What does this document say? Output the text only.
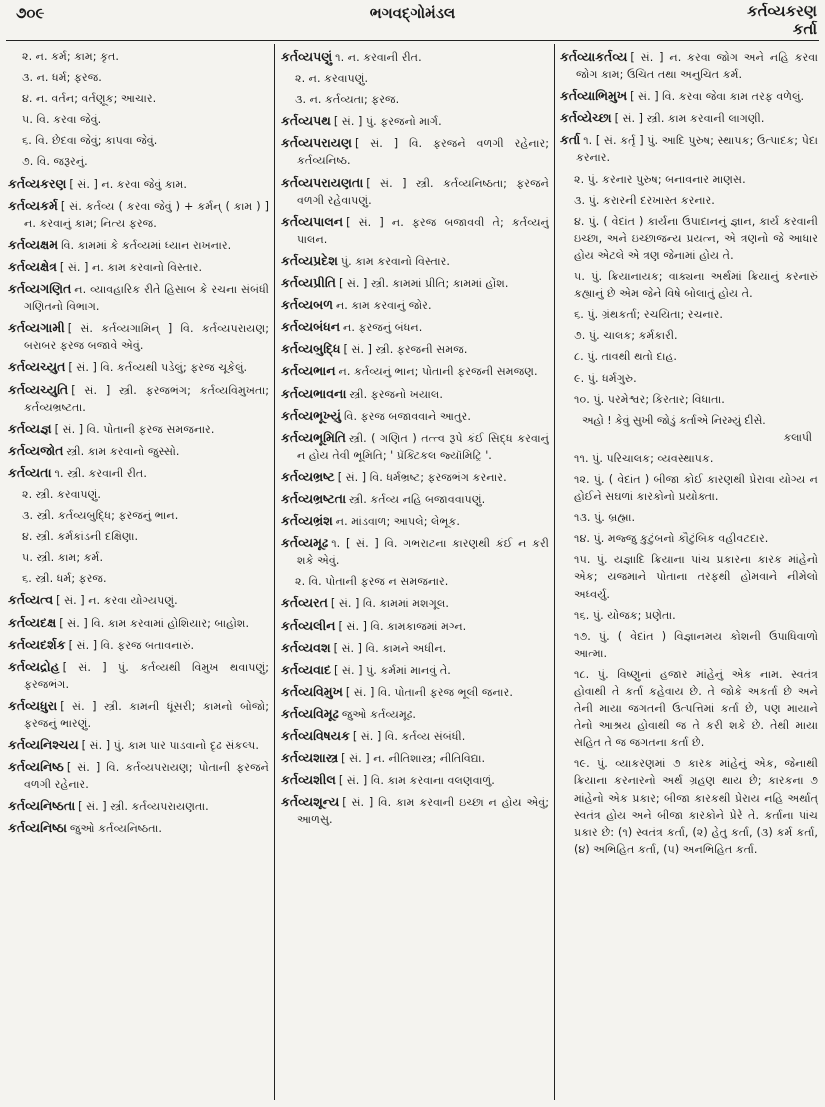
૭૦૯	ભગવદ્ગોમંડલ	કર્તવ્યકરણ
કર્તા
૨. ન. કર્મ; કામ; કૃત.
૩. ન. ધર્મ; ફરજ.
૪. ન. વર્તન; વર્તણૂક; આચાર.
૫. વિ. કરવા જેવું.
૬. વિ. છેદવા જેવું; કાપવા જેવું.
૭. વિ. જરૂરનું.
કર્તવ્યકરણ [ સં. ] ન. કરવા જેવું કામ.
કર્તવ્યકર્મ [ સં. કર્તવ્ય ( કરવા જેવું ) + કર્મન્ ( કામ ) ] ન. કરવાનું કામ; નિત્ય ફરજ.
કર્તવ્યક્ષમ વિ. કામમાં કે કર્તવ્યમાં ધ્યાન રાખનાર.
કર્તવ્યક્ષેત્ર [ સં. ] ન. કામ કરવાનો વિસ્તાર.
કર્તવ્યગણિત ન. વ્યાવહારિક રીતે હિસાબ કે રચના સંબંધી ગણિતનો વિભાગ.
કર્તવ્યગામી [ સં. કર્તવ્યગામિન્ ] વિ. કર્તવ્યપરાયણ; બરાબર ફરજ બજાવે એવું.
કર્તવ્યચ્યુત [ સં. ] વિ. કર્તવ્યથી પડેલું; ફરજ ચૂકેલું.
કર્તવ્યચ્યુતિ [ સં. ] સ્ત્રી. ફરજભંગ; કર્તવ્યવિમુખતા; કર્તવ્યભ્રષ્ટતા.
કર્તવ્યજ્ઞ [ સં. ] વિ. પોતાની ફરજ સમજનાર.
કર્તવ્યજોત સ્ત્રી. કામ કરવાનો જુસ્સો.
કર્તવ્યતા ૧. સ્ત્રી. કરવાની રીત.
૨. સ્ત્રી. કરવાપણું.
૩. સ્ત્રી. કર્તવ્યબુદ્ધિ; ફરજનું ભાન.
૪. સ્ત્રી. કર્મકાંડની દક્ષિણા.
૫. સ્ત્રી. કામ; કર્મ.
૬. સ્ત્રી. ધર્મ; ફરજ.
કર્તવ્યત્વ [ સં. ] ન. કરવા યોગ્યપણું.
કર્તવ્યદક્ષ [ સં. ] વિ. કામ કરવામાં હોશિયાર; બાહોશ.
કર્તવ્યદર્શક [ સં. ] વિ. ફરજ બતાવનારું.
કર્તવ્યદ્રોહ [ સં. ] પું. કર્તવ્યથી વિમુખ થવાપણું; ફરજભંગ.
કર્તવ્યધુરા [ સં. ] સ્ત્રી. કામની ધૂંસરી; કામનો બોજો; ફરજનું ભારણું.
કર્તવ્યનિશ્ચય [ સં. ] પું. કામ પાર પાડવાનો દૃઢ સંકલ્પ.
કર્તવ્યનિષ્ઠ [ સં. ] વિ. કર્તવ્યપરાયણ; પોતાની ફરજને વળગી રહેનાર.
કર્તવ્યનિષ્ઠતા [ સં. ] સ્ત્રી. કર્તવ્યપરાયણતા.
કર્તવ્યનિષ્ઠા જુઓ કર્તવ્યનિષ્ઠતા.
કર્તવ્યપણું ૧. ન. કરવાની રીત.
૨. ન. કરવાપણું.
૩. ન. કર્તવ્યતા; ફરજ.
કર્તવ્યપથ [ સં. ] પું. ફરજનો માર્ગ.
કર્તવ્યપરાયણ [ સં. ] વિ. ફરજને વળગી રહેનાર; કર્તવ્યનિષ્ઠ.
કર્તવ્યપરાયણતા [ સં. ] સ્ત્રી. કર્તવ્યનિષ્ઠતા; ફરજને વળગી રહેવાપણું.
કર્તવ્યપાલન [ સં. ] ન. ફરજ બજાવવી તે; કર્તવ્યનું પાલન.
કર્તવ્યપ્રદેશ પું. કામ કરવાનો વિસ્તાર.
કર્તવ્યપ્રીતિ [ સં. ] સ્ત્રી. કામમાં પ્રીતિ; કામમાં હોંશ.
કર્તવ્યબળ ન. કામ કરવાનું જોર.
કર્તવ્યબંધન ન. ફરજનું બંધન.
કર્તવ્યબુદ્ધિ [ સં. ] સ્ત્રી. ફરજની સમજ.
કર્તવ્યભાન ન. કર્તવ્યનું ભાન; પોતાની ફરજની સમજણ.
કર્તવ્યભાવના સ્ત્રી. ફરજનો ખયાલ.
કર્તવ્યભૂખ્યું વિ. ફરજ બજાવવાને આતુર.
કર્તવ્યભૂમિતિ સ્ત્રી. ( ગણિત ) તત્ત્વ રૂપે કંઈ સિદ્ધ કરવાનું ન હોય તેવી ભૂમિતિ; ' પ્રૅક્ટિકલ જ્યૉમિટ્રિ '.
કર્તવ્યભ્રષ્ટ [ સં. ] વિ. ધર્મભ્રષ્ટ; ફરજભંગ કરનાર.
કર્તવ્યભ્રષ્ટતા સ્ત્રી. કર્તવ્ય નહિ બજાવવાપણું.
કર્તવ્યભ્રંશ ન. માંડવાળ; આપલે; લેભૂક.
કર્તવ્યમૂઢ ૧. [ સં. ] વિ. ગભરાટના કારણથી કંઈ ન કરી શકે એવું.
૨. વિ. પોતાની ફરજ ન સમજનાર.
કર્તવ્યરત [ સં. ] વિ. કામમાં મશગૂલ.
કર્તવ્યલીન [ સં. ] વિ. કામકાજમાં મગ્ન.
કર્તવ્યવશ [ સં. ] વિ. કામને અધીન.
કર્તવ્યવાદ [ સં. ] પું. કર્મમાં માનવું તે.
કર્તવ્યવિમુખ [ સં. ] વિ. પોતાની ફરજ ભૂલી જનાર.
કર્તવ્યવિમૂઢ જુઓ કર્તવ્યમૂઢ.
કર્તવ્યવિષયક [ સં. ] વિ. કર્તવ્ય સંબંધી.
કર્તવ્યશાસ્ત્ર [ સં. ] ન. નીતિશાસ્ત્ર; નીતિવિદ્યા.
કર્તવ્યશીલ [ સં. ] વિ. કામ કરવાના વલણવાળું.
કર્તવ્યશૂન્ય [ સં. ] વિ. કામ કરવાની ઇચ્છા ન હોય એવું; આળસુ.
કર્તવ્યાકર્તવ્ય [ સં. ] ન. કરવા જોગ અને નહિ કરવા જોગ કામ; ઉચિત તથા અનુચિત કર્મ.
કર્તવ્યાભિમુખ [ સં. ] વિ. કરવા જેવા કામ તરફ વળેલું.
કર્તવ્યેચ્છા [ સં. ] સ્ત્રી. કામ કરવાની લાગણી.
કર્તા ૧. [ સં. કર્તૃ ] પું. આદિ પુરુષ; સ્થાપક; ઉત્પાદક; પેદા કરનાર.
૨. પું. કરનાર પુરુષ; બનાવનાર માણસ.
૩. પું. કરારની દરખાસ્ત કરનાર.
૪. પું. ( વેદાંત ) કાર્યના ઉપાદાનનું જ્ઞાન, કાર્ય કરવાની ઇચ્છા, અને ઇચ્છાજન્ય પ્રયત્ન, એ ત્રણનો જે આધાર હોય એટલે એ ત્રણ જેનામાં હોય તે.
૫. પું. ક્રિયાનાયક; વાક્યના અર્થમાં ક્રિયાનું કરનારું કહ્યાનું છે એમ જેને વિષે બોલાતું હોય તે.
૬. પું. ગ્રંથકર્તા; રચયિતા; રચનાર.
૭. પું. ચાલક; કર્મકારી.
૮. પું. તાવથી થતો દાહ.
૯. પું. ધર્મગુરુ.
૧૦. પું. પરમેશ્વર; કિરતાર; વિધાતા.
અહો ! કેવું સુખી જોડું કર્તાએ નિરમ્યું દીસે.
કલાપી
૧૧. પું. પરિચાલક; વ્યવસ્થાપક.
૧૨. પું. ( વેદાંત ) બીજા કોઈ કારણથી પ્રેરાવા યોગ્ય ન હોઈને સઘળાં કારકોનો પ્રયોક્તા.
૧૩. પું. બ્રહ્મા.
૧૪. પું. મજ્જુ કુટુંબનો કૌટુંબિક વહીવટદાર.
૧૫. પું. યજ્ઞાદિ ક્રિયાના પાંચ પ્રકારના કારક માંહેનો એક; યજમાને પોતાના તરફથી હોમવાને નીમેલો અધ્વર્યુ.
૧૬. પું. યોજક; પ્રણેતા.
૧૭. પું. ( વેદાંત ) વિજ્ઞાનમય કોશની ઉપાધિવાળો આત્મા.
૧૮. પું. વિષ્ણુનાં હજાર માંહેનું એક નામ. સ્વતંત્ર હોવાથી તે કર્તા કહેવાય છે. તે જોકે અકર્તા છે અને તેની માયા જગતની ઉત્પત્તિમાં કર્તા છે, પણ માયાને તેનો આશ્રય હોવાથી જ તે કરી શકે છે. તેથી માયા સહિત તે જ જગતના કર્તા છે.
૧૯. પું. વ્યાકરણમાં ૭ કારક માંહેનું એક, જેનાથી ક્રિયાના કરનારનો અર્થ ગ્રહણ થાય છે; કારકના ૭ માંહેનો એક પ્રકાર; બીજા કારકથી પ્રેરાય નહિ અર્થાત્ સ્વતંત્ર હોય અને બીજા કારકોને પ્રેરે તે. કર્તાના પાંચ પ્રકાર છે: (૧) સ્વતંત્ર કર્તા, (૨) હેતુ કર્તા, (૩) કર્મ કર્તા, (૪) અભિહિત કર્તા, (૫) અનભિહિત કર્તા.
